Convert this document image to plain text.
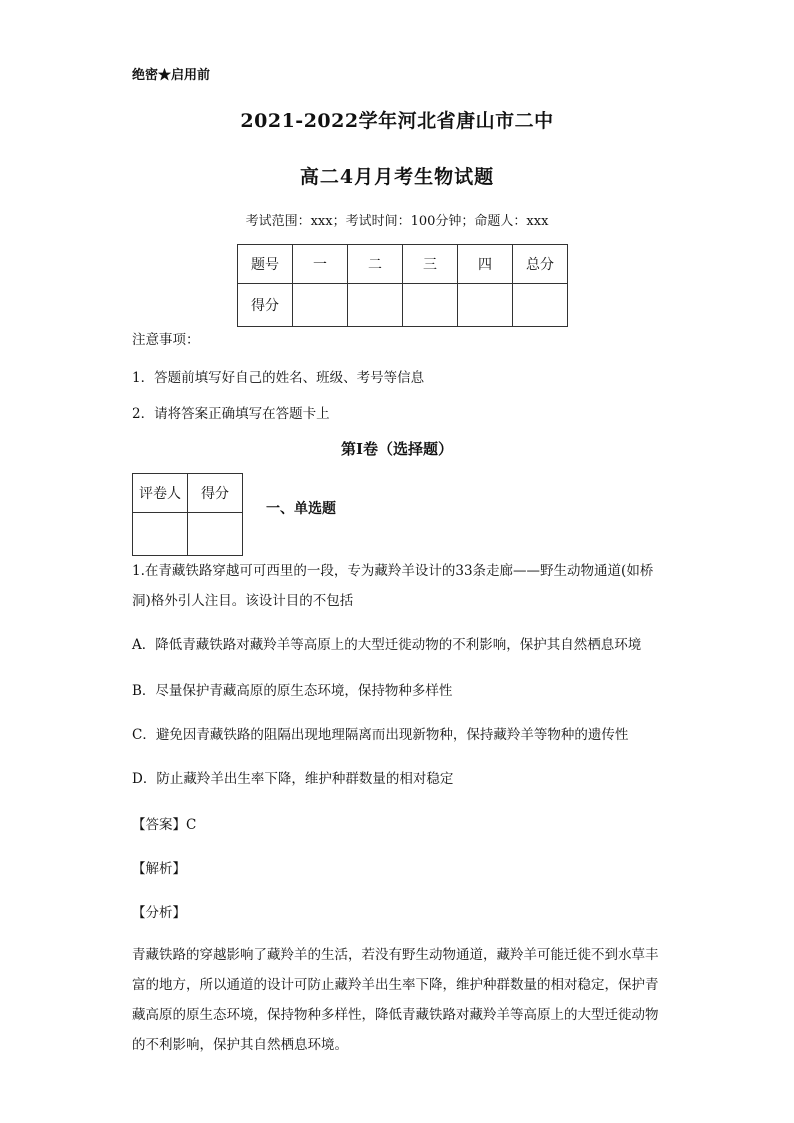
绝密★启用前
2021-2022学年河北省唐山市二中
高二4月月考生物试题
考试范围：xxx；考试时间：100分钟；命题人：xxx
题号	一	二	三	四	总分
得分					
注意事项：
1．答题前填写好自己的姓名、班级、考号等信息
2．请将答案正确填写在答题卡上
第I卷（选择题）
评卷人	得分

一、单选题
1.在青藏铁路穿越可可西里的一段，专为藏羚羊设计的33条走廊——野生动物通道(如桥洞)格外引人注目。该设计目的不包括
A．降低青藏铁路对藏羚羊等高原上的大型迁徙动物的不利影响，保护其自然栖息环境
B．尽量保护青藏高原的原生态环境，保持物种多样性
C．避免因青藏铁路的阻隔出现地理隔离而出现新物种，保持藏羚羊等物种的遗传性
D．防止藏羚羊出生率下降，维护种群数量的相对稳定
【答案】C
【解析】
【分析】
青藏铁路的穿越影响了藏羚羊的生活，若没有野生动物通道，藏羚羊可能迁徙不到水草丰富的地方，所以通道的设计可防止藏羚羊出生率下降，维护种群数量的相对稳定，保护青藏高原的原生态环境，保持物种多样性，降低青藏铁路对藏羚羊等高原上的大型迁徙动物的不利影响，保护其自然栖息环境。
